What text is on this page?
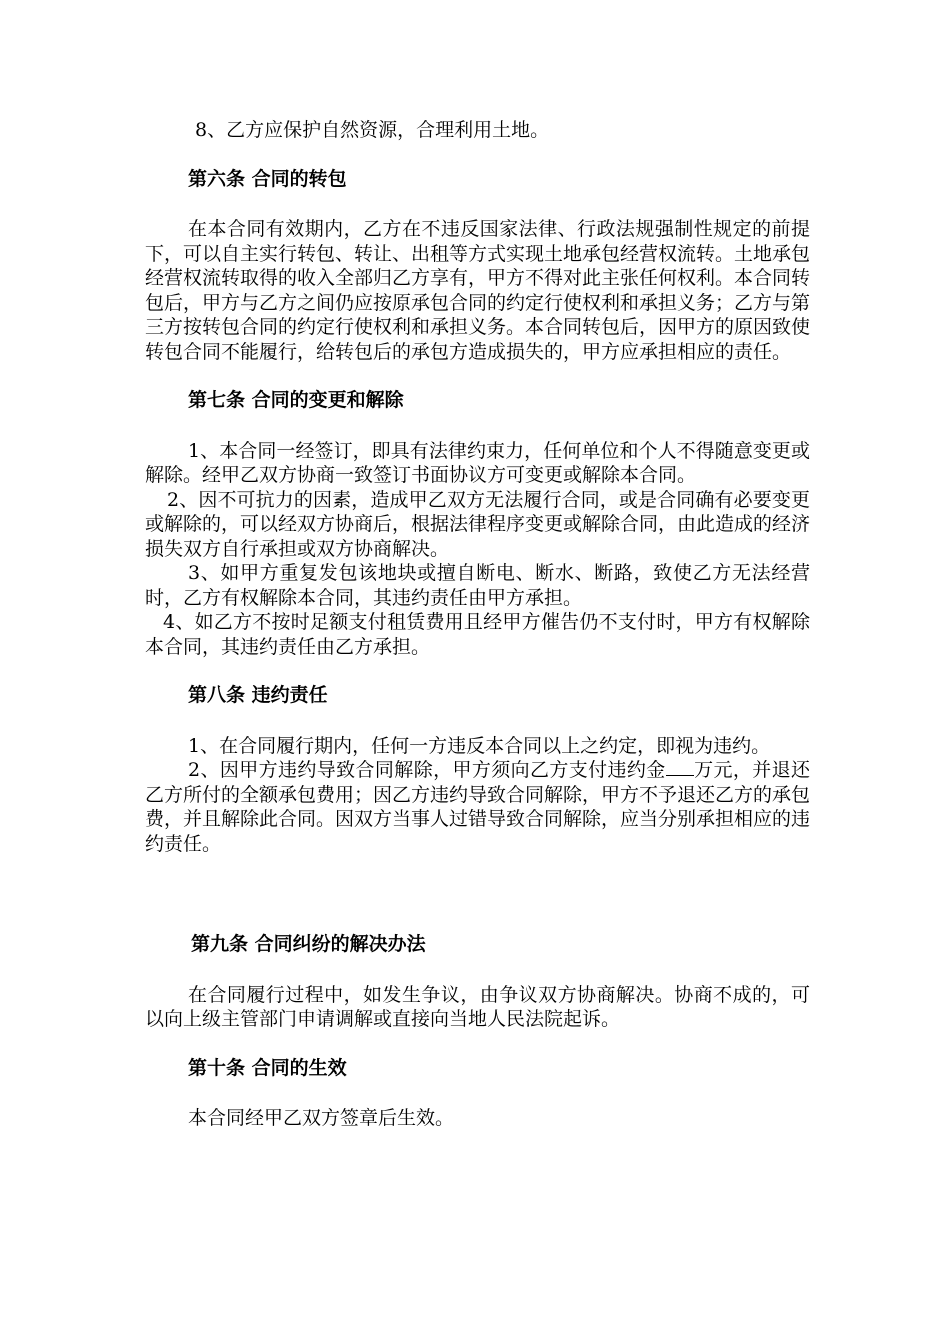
8、乙方应保护自然资源，合理利用土地。

第六条 合同的转包

在本合同有效期内，乙方在不违反国家法律、行政法规强制性规定的前提下，可以自主实行转包、转让、出租等方式实现土地承包经营权流转。土地承包经营权流转取得的收入全部归乙方享有，甲方不得对此主张任何权利。本合同转包后，甲方与乙方之间仍应按原承包合同的约定行使权利和承担义务；乙方与第三方按转包合同的约定行使权利和承担义务。本合同转包后，因甲方的原因致使转包合同不能履行，给转包后的承包方造成损失的，甲方应承担相应的责任。

第七条 合同的变更和解除

1、本合同一经签订，即具有法律约束力，任何单位和个人不得随意变更或解除。经甲乙双方协商一致签订书面协议方可变更或解除本合同。

2、因不可抗力的因素，造成甲乙双方无法履行合同，或是合同确有必要变更或解除的，可以经双方协商后，根据法律程序变更或解除合同，由此造成的经济损失双方自行承担或双方协商解决。

3、如甲方重复发包该地块或擅自断电、断水、断路，致使乙方无法经营时，乙方有权解除本合同，其违约责任由甲方承担。

4、如乙方不按时足额支付租赁费用且经甲方催告仍不支付时，甲方有权解除本合同，其违约责任由乙方承担。

第八条 违约责任

1、在合同履行期内，任何一方违反本合同以上之约定，即视为违约。

2、因甲方违约导致合同解除，甲方须向乙方支付违约金 万元，并退还乙方所付的全额承包费用；因乙方违约导致合同解除，甲方不予退还乙方的承包费，并且解除此合同。因双方当事人过错导致合同解除，应当分别承担相应的违约责任。

第九条 合同纠纷的解决办法

在合同履行过程中，如发生争议，由争议双方协商解决。协商不成的，可以向上级主管部门申请调解或直接向当地人民法院起诉。

第十条 合同的生效

本合同经甲乙双方签章后生效。
